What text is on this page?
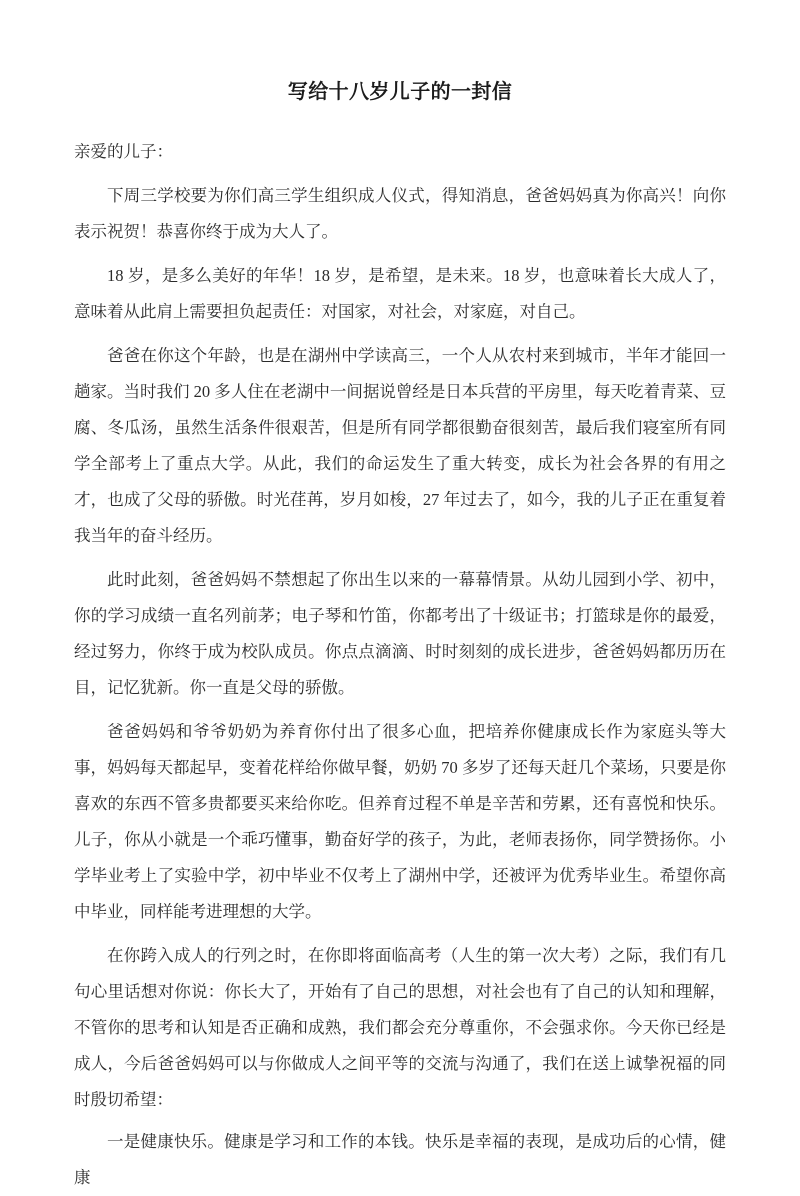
写给十八岁儿子的一封信

亲爱的儿子：

下周三学校要为你们高三学生组织成人仪式，得知消息，爸爸妈妈真为你高兴！向你表示祝贺！恭喜你终于成为大人了。

18 岁，是多么美好的年华！18 岁，是希望，是未来。18 岁，也意味着长大成人了，意味着从此肩上需要担负起责任：对国家，对社会，对家庭，对自己。

爸爸在你这个年龄，也是在湖州中学读高三，一个人从农村来到城市，半年才能回一趟家。当时我们 20 多人住在老湖中一间据说曾经是日本兵营的平房里，每天吃着青菜、豆腐、冬瓜汤，虽然生活条件很艰苦，但是所有同学都很勤奋很刻苦，最后我们寝室所有同学全部考上了重点大学。从此，我们的命运发生了重大转变，成长为社会各界的有用之才，也成了父母的骄傲。时光荏苒，岁月如梭，27 年过去了，如今，我的儿子正在重复着我当年的奋斗经历。

此时此刻，爸爸妈妈不禁想起了你出生以来的一幕幕情景。从幼儿园到小学、初中，你的学习成绩一直名列前茅；电子琴和竹笛，你都考出了十级证书；打篮球是你的最爱，经过努力，你终于成为校队成员。你点点滴滴、时时刻刻的成长进步，爸爸妈妈都历历在目，记忆犹新。你一直是父母的骄傲。

爸爸妈妈和爷爷奶奶为养育你付出了很多心血，把培养你健康成长作为家庭头等大事，妈妈每天都起早，变着花样给你做早餐，奶奶 70 多岁了还每天赶几个菜场，只要是你喜欢的东西不管多贵都要买来给你吃。但养育过程不单是辛苦和劳累，还有喜悦和快乐。儿子，你从小就是一个乖巧懂事，勤奋好学的孩子，为此，老师表扬你，同学赞扬你。小学毕业考上了实验中学，初中毕业不仅考上了湖州中学，还被评为优秀毕业生。希望你高中毕业，同样能考进理想的大学。

在你跨入成人的行列之时，在你即将面临高考（人生的第一次大考）之际，我们有几句心里话想对你说：你长大了，开始有了自己的思想，对社会也有了自己的认知和理解，不管你的思考和认知是否正确和成熟，我们都会充分尊重你，不会强求你。今天你已经是成人，今后爸爸妈妈可以与你做成人之间平等的交流与沟通了，我们在送上诚挚祝福的同时殷切希望：

一是健康快乐。健康是学习和工作的本钱。快乐是幸福的表现，是成功后的心情，健康
